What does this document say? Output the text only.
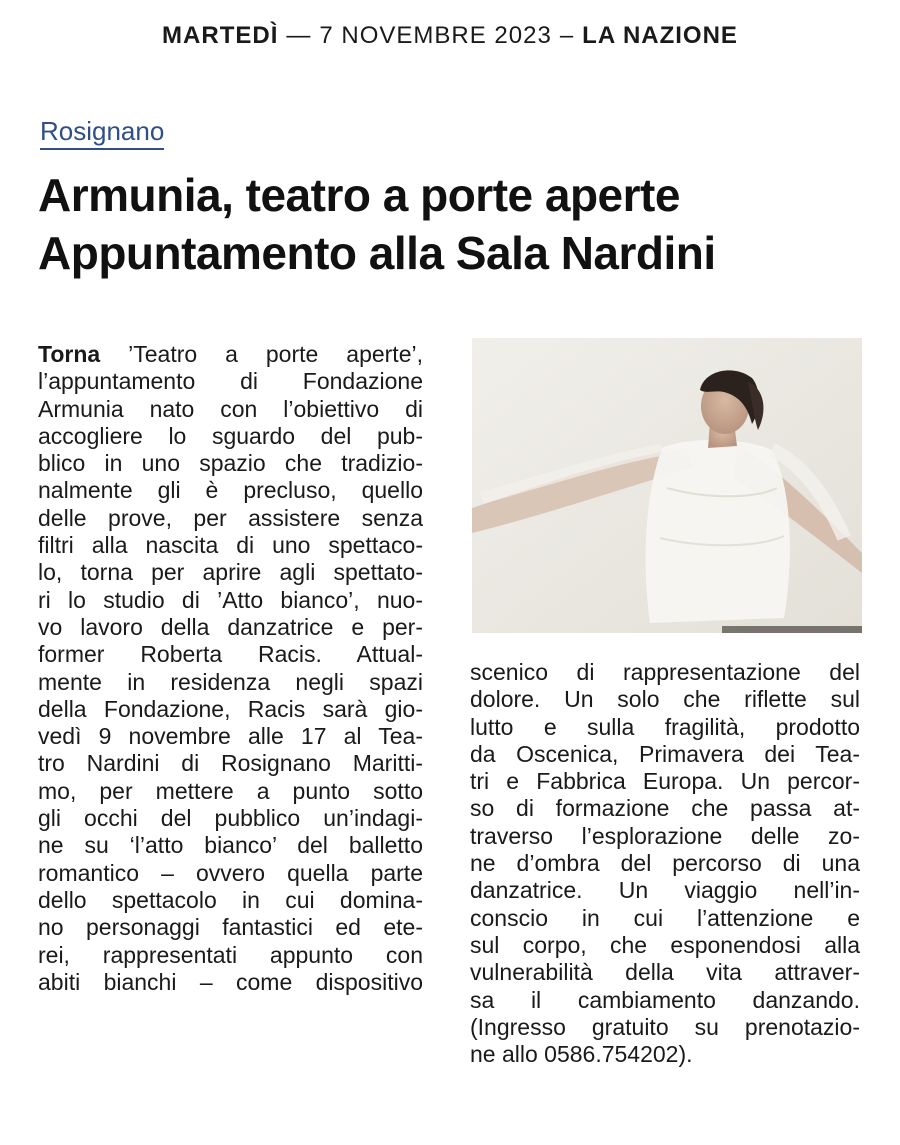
MARTEDÌ — 7 NOVEMBRE 2023 – LA NAZIONE
Rosignano
Armunia, teatro a porte aperte
Appuntamento alla Sala Nardini
Torna ’Teatro a porte aperte’,
l’appuntamento di Fondazione
Armunia nato con l’obiettivo di
accogliere lo sguardo del pub-
blico in uno spazio che tradizio-
nalmente gli è precluso, quello
delle prove, per assistere senza
filtri alla nascita di uno spettaco-
lo, torna per aprire agli spettato-
ri lo studio di ’Atto bianco’, nuo-
vo lavoro della danzatrice e per-
former Roberta Racis. Attual-
mente in residenza negli spazi
della Fondazione, Racis sarà gio-
vedì 9 novembre alle 17 al Tea-
tro Nardini di Rosignano Maritti-
mo, per mettere a punto sotto
gli occhi del pubblico un’indagi-
ne su ‘l’atto bianco’ del balletto
romantico – ovvero quella parte
dello spettacolo in cui domina-
no personaggi fantastici ed ete-
rei, rappresentati appunto con
abiti bianchi – come dispositivo
scenico di rappresentazione del
dolore. Un solo che riflette sul
lutto e sulla fragilità, prodotto
da Oscenica, Primavera dei Tea-
tri e Fabbrica Europa. Un percor-
so di formazione che passa at-
traverso l’esplorazione delle zo-
ne d’ombra del percorso di una
danzatrice. Un viaggio nell’in-
conscio in cui l’attenzione e
sul corpo, che esponendosi alla
vulnerabilità della vita attraver-
sa il cambiamento danzando.
(Ingresso gratuito su prenotazio-
ne allo 0586.754202).
